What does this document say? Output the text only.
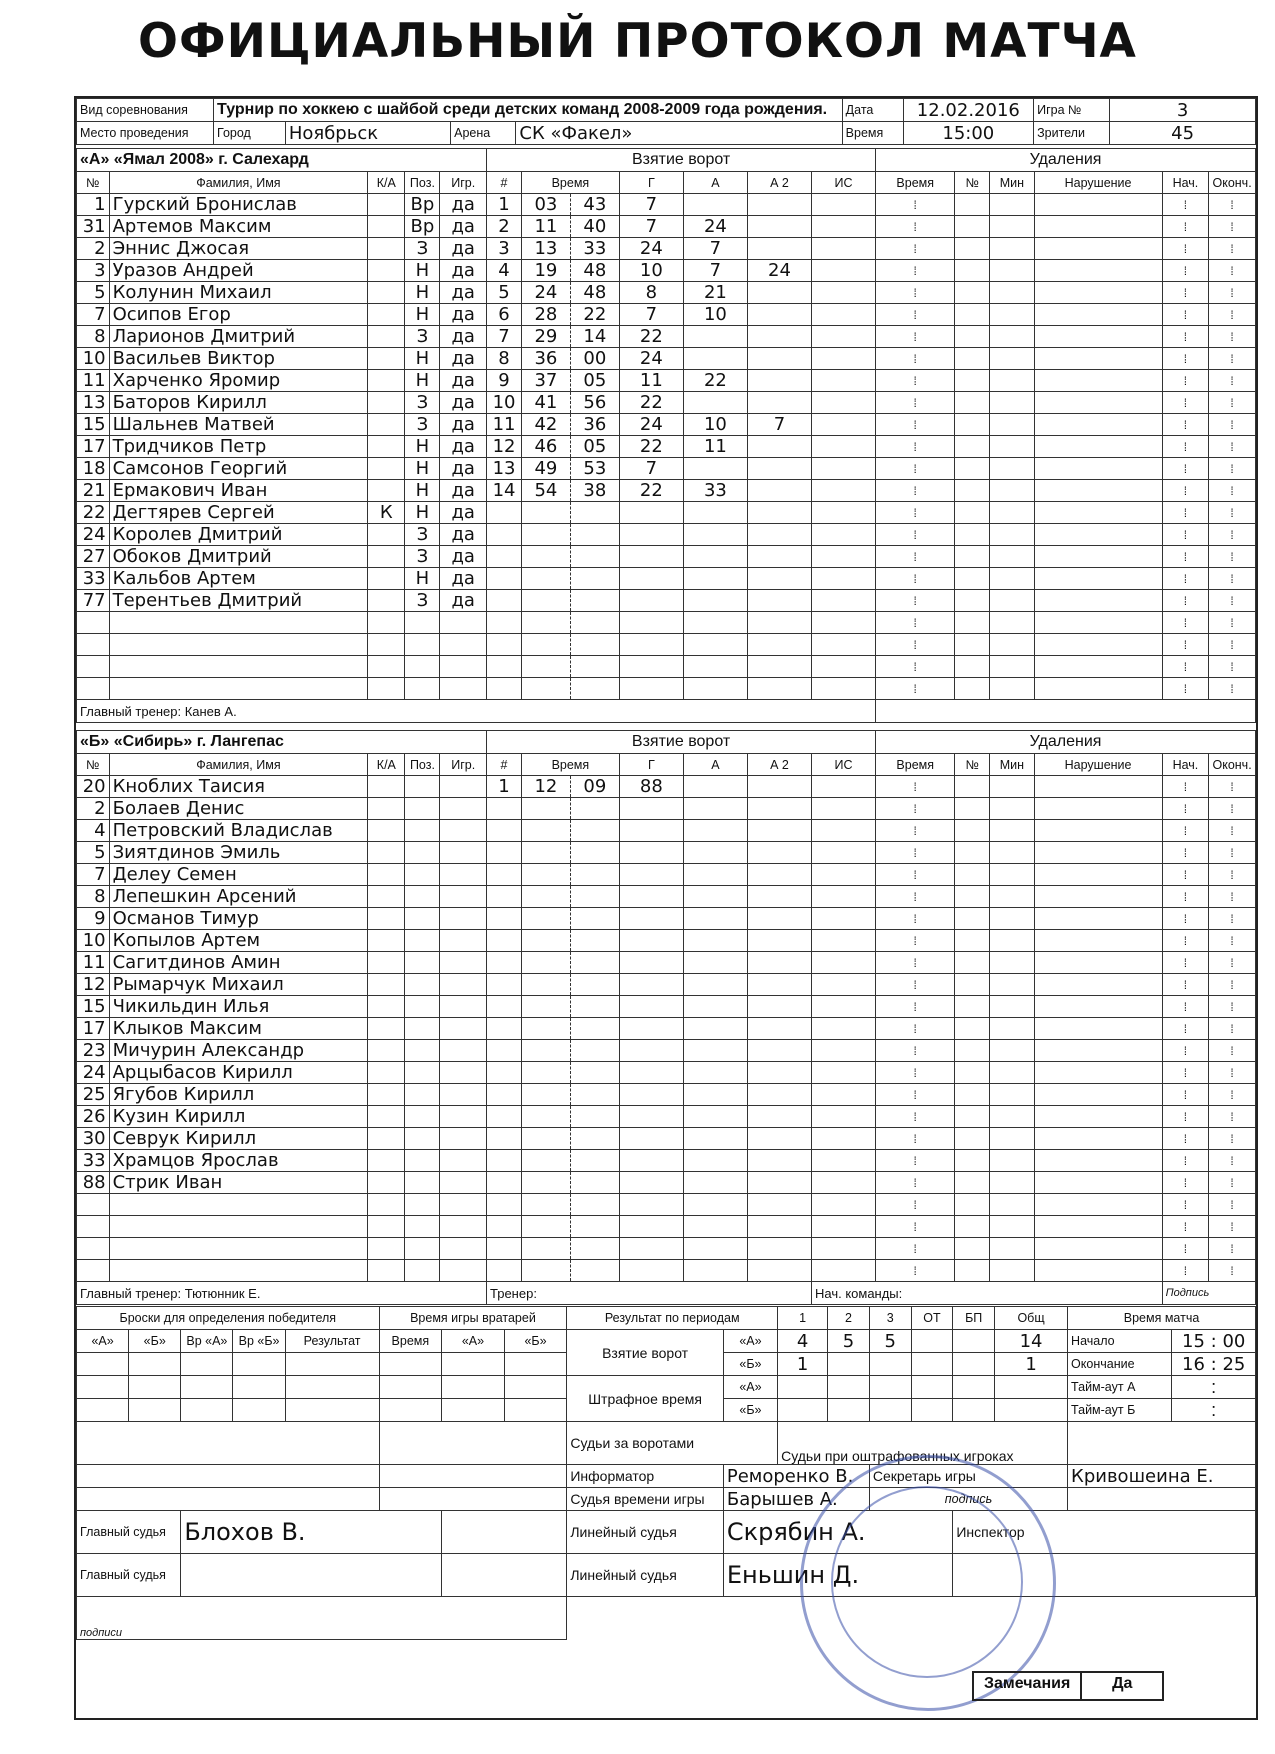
ОФИЦИАЛЬНЫЙ ПРОТОКОЛ МАТЧА
Вид соревнования	Турнир по хоккею с шайбой среди детских команд 2008-2009 года рождения.				Дата	12.02.2016	Игра №	3
Место проведения	Город	Ноябрьск	Арена	СК «Факел»	Время	15:00	Зрители	45
«А» «Ямал 2008» г. Салехард					Взятие ворот							Удаления					
№	Фамилия, Имя	К/А	Поз.	Игр.	#	Время		Г	А	А 2	ИС	Время	№	Мин	Нарушение	Нач.	Оконч.
1	Гурский Бронислав		Вр	да	1	03	43	7				⁞				⁞	⁞
31	Артемов Максим		Вр	да	2	11	40	7	24			⁞				⁞	⁞
2	Эннис Джосая		З	да	3	13	33	24	7			⁞				⁞	⁞
3	Уразов Андрей		Н	да	4	19	48	10	7	24		⁞				⁞	⁞
5	Колунин Михаил		Н	да	5	24	48	8	21			⁞				⁞	⁞
7	Осипов Егор		Н	да	6	28	22	7	10			⁞				⁞	⁞
8	Ларионов Дмитрий		З	да	7	29	14	22				⁞				⁞	⁞
10	Васильев Виктор		Н	да	8	36	00	24				⁞				⁞	⁞
11	Харченко Яромир		Н	да	9	37	05	11	22			⁞				⁞	⁞
13	Баторов Кирилл		З	да	10	41	56	22				⁞				⁞	⁞
15	Шальнев Матвей		З	да	11	42	36	24	10	7		⁞				⁞	⁞
17	Тридчиков Петр		Н	да	12	46	05	22	11			⁞				⁞	⁞
18	Самсонов Георгий		Н	да	13	49	53	7				⁞				⁞	⁞
21	Ермакович Иван		Н	да	14	54	38	22	33			⁞				⁞	⁞
22	Дегтярев Сергей	К	Н	да								⁞				⁞	⁞
24	Королев Дмитрий		З	да								⁞				⁞	⁞
27	Обоков Дмитрий		З	да								⁞				⁞	⁞
33	Кальбов Артем		Н	да								⁞				⁞	⁞
77	Терентьев Дмитрий		З	да								⁞				⁞	⁞
												⁞				⁞	⁞
												⁞				⁞	⁞
												⁞				⁞	⁞
												⁞				⁞	⁞
Главный тренер: Канев А.																	
«Б» «Сибирь» г. Лангепас					Взятие ворот							Удаления					
№	Фамилия, Имя	К/А	Поз.	Игр.	#	Время		Г	А	А 2	ИС	Время	№	Мин	Нарушение	Нач.	Оконч.
20	Кноблих Таисия				1	12	09	88				⁞				⁞	⁞
2	Болаев Денис											⁞				⁞	⁞
4	Петровский Владислав											⁞				⁞	⁞
5	Зиятдинов Эмиль											⁞				⁞	⁞
7	Делеу Семен											⁞				⁞	⁞
8	Лепешкин Арсений											⁞				⁞	⁞
9	Османов Тимур											⁞				⁞	⁞
10	Копылов Артем											⁞				⁞	⁞
11	Сагитдинов Амин											⁞				⁞	⁞
12	Рымарчук Михаил											⁞				⁞	⁞
15	Чикильдин Илья											⁞				⁞	⁞
17	Клыков Максим											⁞				⁞	⁞
23	Мичурин Александр											⁞				⁞	⁞
24	Арцыбасов Кирилл											⁞				⁞	⁞
25	Ягубов Кирилл											⁞				⁞	⁞
26	Кузин Кирилл											⁞				⁞	⁞
30	Севрук Кирилл											⁞				⁞	⁞
33	Храмцов Ярослав											⁞				⁞	⁞
88	Стрик Иван											⁞				⁞	⁞
												⁞				⁞	⁞
												⁞				⁞	⁞
												⁞				⁞	⁞
												⁞				⁞	⁞
Главный тренер: Тютюнник Е.					Тренер:						Нач. команды:					Подпись	
Броски для определения победителя					Время игры вратарей			Результат по периодам		1	2	3	ОТ	БП	Общ	Время матча	
«А»	«Б»	Вр «А»	Вр «Б»	Результат	Время	«А»	«Б»	Взятие ворот	«А»	4	5	5			14	Начало	15 : 00
									«Б»	1					1	Окончание	16 : 25
								Штрафное время	«А»							Тайм-аут А	:
									«Б»							Тайм-аут Б	:
								Судьи за воротами		Судьи при оштрафованных игроках							
								Информатор	Реморенко В.			Секретарь игры				Кривошеина Е.	
								Судья времени игры	Барышев А.			подпись					
Главный судья		Блохов В.						Линейный судья	Скрябин А.					Инспектор			
Главный судья								Линейный судья	Еньшин Д.								
подписи																	
Замечания	Да
